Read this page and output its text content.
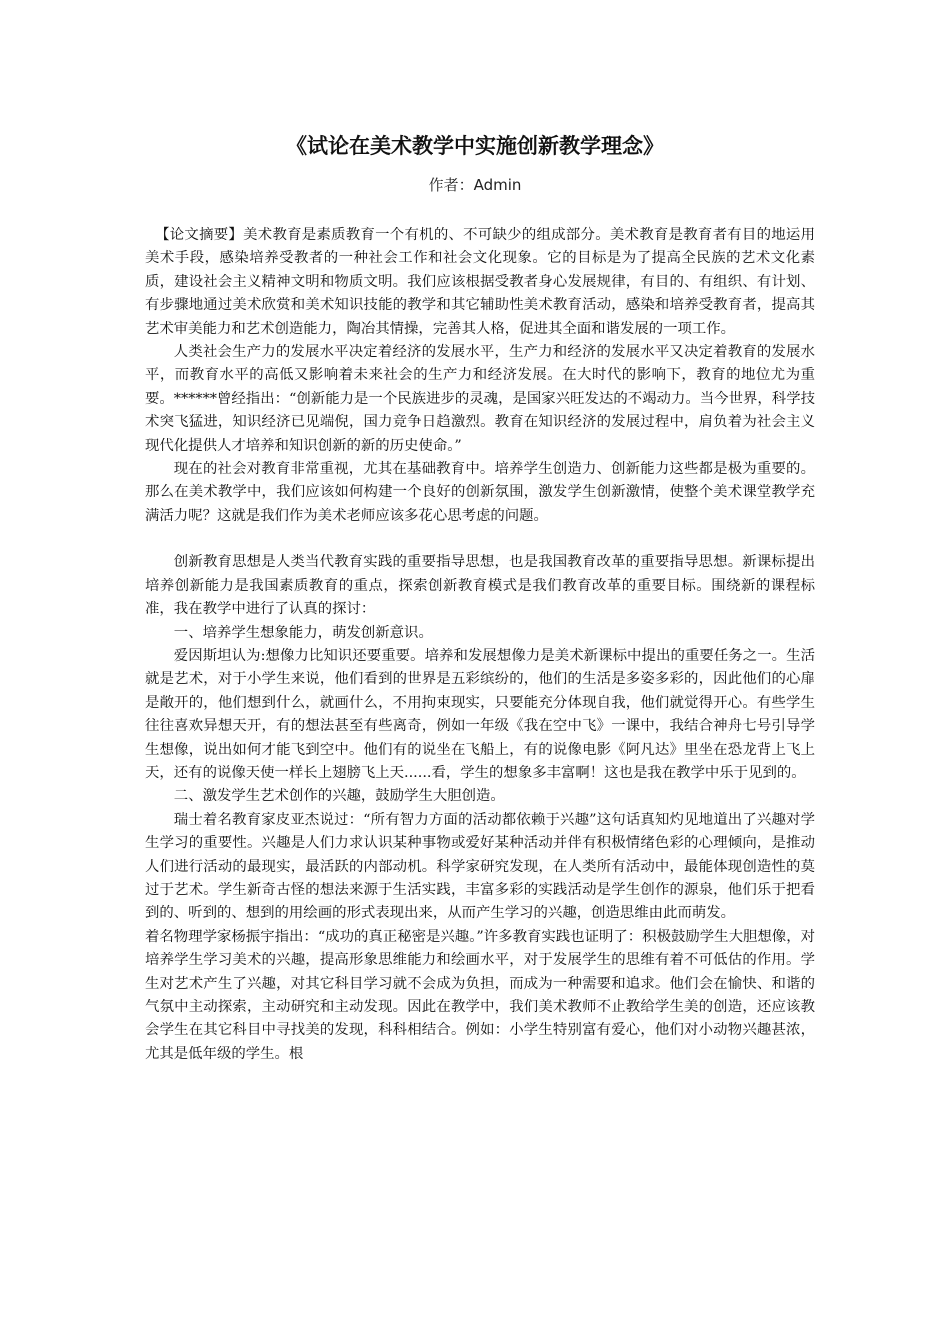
《试论在美术教学中实施创新教学理念》

作者：Admin

【论文摘要】美术教育是素质教育一个有机的、不可缺少的组成部分。美术教育是教育者有目的地运用美术手段，感染培养受教者的一种社会工作和社会文化现象。它的目标是为了提高全民族的艺术文化素质，建设社会主义精神文明和物质文明。我们应该根据受教者身心发展规律，有目的、有组织、有计划、有步骤地通过美术欣赏和美术知识技能的教学和其它辅助性美术教育活动，感染和培养受教育者，提高其艺术审美能力和艺术创造能力，陶冶其情操，完善其人格，促进其全面和谐发展的一项工作。

人类社会生产力的发展水平决定着经济的发展水平，生产力和经济的发展水平又决定着教育的发展水平，而教育水平的高低又影响着未来社会的生产力和经济发展。在大时代的影响下，教育的地位尤为重要。******曾经指出：“创新能力是一个民族进步的灵魂，是国家兴旺发达的不竭动力。当今世界，科学技术突飞猛进，知识经济已见端倪，国力竞争日趋激烈。教育在知识经济的发展过程中，肩负着为社会主义现代化提供人才培养和知识创新的新的历史使命。”

现在的社会对教育非常重视，尤其在基础教育中。培养学生创造力、创新能力这些都是极为重要的。那么在美术教学中，我们应该如何构建一个良好的创新氛围，激发学生创新激情，使整个美术课堂教学充满活力呢？这就是我们作为美术老师应该多花心思考虑的问题。

创新教育思想是人类当代教育实践的重要指导思想，也是我国教育改革的重要指导思想。新课标提出培养创新能力是我国素质教育的重点，探索创新教育模式是我们教育改革的重要目标。围绕新的课程标准，我在教学中进行了认真的探讨：

一、培养学生想象能力，萌发创新意识。

爱因斯坦认为:想像力比知识还要重要。培养和发展想像力是美术新课标中提出的重要任务之一。生活就是艺术，对于小学生来说，他们看到的世界是五彩缤纷的，他们的生活是多姿多彩的，因此他们的心扉是敞开的，他们想到什么，就画什么，不用拘束现实，只要能充分体现自我，他们就觉得开心。有些学生往往喜欢异想天开，有的想法甚至有些离奇，例如一年级《我在空中飞》一课中，我结合神舟七号引导学生想像，说出如何才能飞到空中。他们有的说坐在飞船上，有的说像电影《阿凡达》里坐在恐龙背上飞上天，还有的说像天使一样长上翅膀飞上天......看，学生的想象多丰富啊！这也是我在教学中乐于见到的。

二、激发学生艺术创作的兴趣，鼓励学生大胆创造。

瑞士着名教育家皮亚杰说过：“所有智力方面的活动都依赖于兴趣”这句话真知灼见地道出了兴趣对学生学习的重要性。兴趣是人们力求认识某种事物或爱好某种活动并伴有积极情绪色彩的心理倾向，是推动人们进行活动的最现实，最活跃的内部动机。科学家研究发现，在人类所有活动中，最能体现创造性的莫过于艺术。学生新奇古怪的想法来源于生活实践，丰富多彩的实践活动是学生创作的源泉，他们乐于把看到的、听到的、想到的用绘画的形式表现出来，从而产生学习的兴趣，创造思维由此而萌发。

着名物理学家杨振宇指出：“成功的真正秘密是兴趣。”许多教育实践也证明了：积极鼓励学生大胆想像，对培养学生学习美术的兴趣，提高形象思维能力和绘画水平，对于发展学生的思维有着不可低估的作用。学生对艺术产生了兴趣，对其它科目学习就不会成为负担，而成为一种需要和追求。他们会在愉快、和谐的气氛中主动探索，主动研究和主动发现。因此在教学中，我们美术教师不止教给学生美的创造，还应该教会学生在其它科目中寻找美的发现，科科相结合。例如：小学生特别富有爱心，他们对小动物兴趣甚浓，尤其是低年级的学生。根
